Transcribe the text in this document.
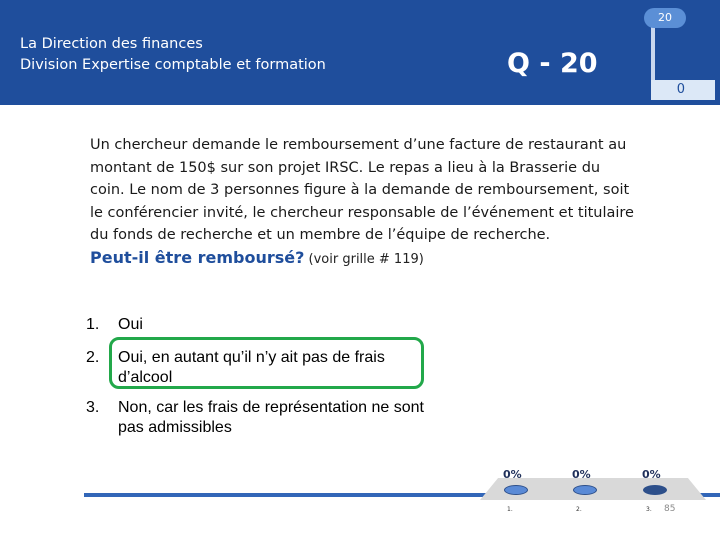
La Direction des finances
Division Expertise comptable et formation	Q - 20
20
0

Un chercheur demande le remboursement d’une facture de restaurant au montant de 150$ sur son projet IRSC. Le repas a lieu à la Brasserie du coin. Le nom de 3 personnes figure à la demande de remboursement, soit le conférencier invité, le chercheur responsable de l’événement et titulaire du fonds de recherche et un membre de l’équipe de recherche.

Peut-il être remboursé? (voir grille # 119)
1. Oui
2. Oui, en autant qu’il n’y ait pas de frais d’alcool
3. Non, car les frais de représentation ne sont pas admissibles
0%
1.
0%
2.
0%
3. 85
